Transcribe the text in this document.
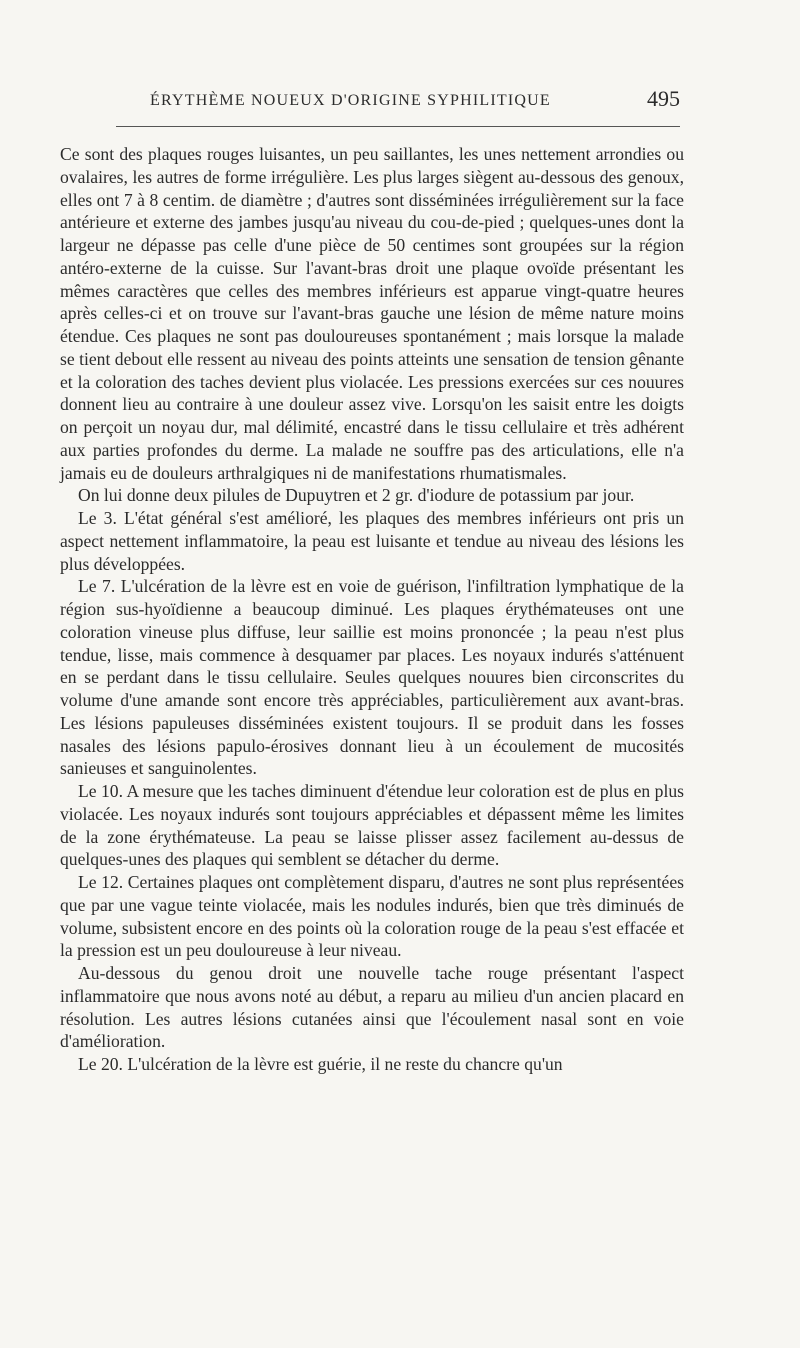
ÉRYTHÈME NOUEUX D'ORIGINE SYPHILITIQUE	495

Ce sont des plaques rouges luisantes, un peu saillantes, les unes nettement arrondies ou ovalaires, les autres de forme irrégulière. Les plus larges siègent au-dessous des genoux, elles ont 7 à 8 centim. de diamètre ; d'autres sont disséminées irrégulièrement sur la face antérieure et externe des jambes jusqu'au niveau du cou-de-pied ; quelques-unes dont la largeur ne dépasse pas celle d'une pièce de 50 centimes sont groupées sur la région antéro-externe de la cuisse. Sur l'avant-bras droit une plaque ovoïde présentant les mêmes caractères que celles des membres inférieurs est apparue vingt-quatre heures après celles-ci et on trouve sur l'avant-bras gauche une lésion de même nature moins étendue. Ces plaques ne sont pas douloureuses spontanément ; mais lorsque la malade se tient debout elle ressent au niveau des points atteints une sensation de tension gênante et la coloration des taches devient plus violacée. Les pressions exercées sur ces nouures donnent lieu au contraire à une douleur assez vive. Lorsqu'on les saisit entre les doigts on perçoit un noyau dur, mal délimité, encastré dans le tissu cellulaire et très adhérent aux parties profondes du derme. La malade ne souffre pas des articulations, elle n'a jamais eu de douleurs arthralgiques ni de manifestations rhumatismales.

On lui donne deux pilules de Dupuytren et 2 gr. d'iodure de potassium par jour.

Le 3. L'état général s'est amélioré, les plaques des membres inférieurs ont pris un aspect nettement inflammatoire, la peau est luisante et tendue au niveau des lésions les plus développées.

Le 7. L'ulcération de la lèvre est en voie de guérison, l'infiltration lymphatique de la région sus-hyoïdienne a beaucoup diminué. Les plaques érythémateuses ont une coloration vineuse plus diffuse, leur saillie est moins prononcée ; la peau n'est plus tendue, lisse, mais commence à desquamer par places. Les noyaux indurés s'atténuent en se perdant dans le tissu cellulaire. Seules quelques nouures bien circonscrites du volume d'une amande sont encore très appréciables, particulièrement aux avant-bras. Les lésions papuleuses disséminées existent toujours. Il se produit dans les fosses nasales des lésions papulo-érosives donnant lieu à un écoulement de mucosités sanieuses et sanguinolentes.

Le 10. A mesure que les taches diminuent d'étendue leur coloration est de plus en plus violacée. Les noyaux indurés sont toujours appréciables et dépassent même les limites de la zone érythémateuse. La peau se laisse plisser assez facilement au-dessus de quelques-unes des plaques qui semblent se détacher du derme.

Le 12. Certaines plaques ont complètement disparu, d'autres ne sont plus représentées que par une vague teinte violacée, mais les nodules indurés, bien que très diminués de volume, subsistent encore en des points où la coloration rouge de la peau s'est effacée et la pression est un peu douloureuse à leur niveau.

Au-dessous du genou droit une nouvelle tache rouge présentant l'aspect inflammatoire que nous avons noté au début, a reparu au milieu d'un ancien placard en résolution. Les autres lésions cutanées ainsi que l'écoulement nasal sont en voie d'amélioration.

Le 20. L'ulcération de la lèvre est guérie, il ne reste du chancre qu'un
